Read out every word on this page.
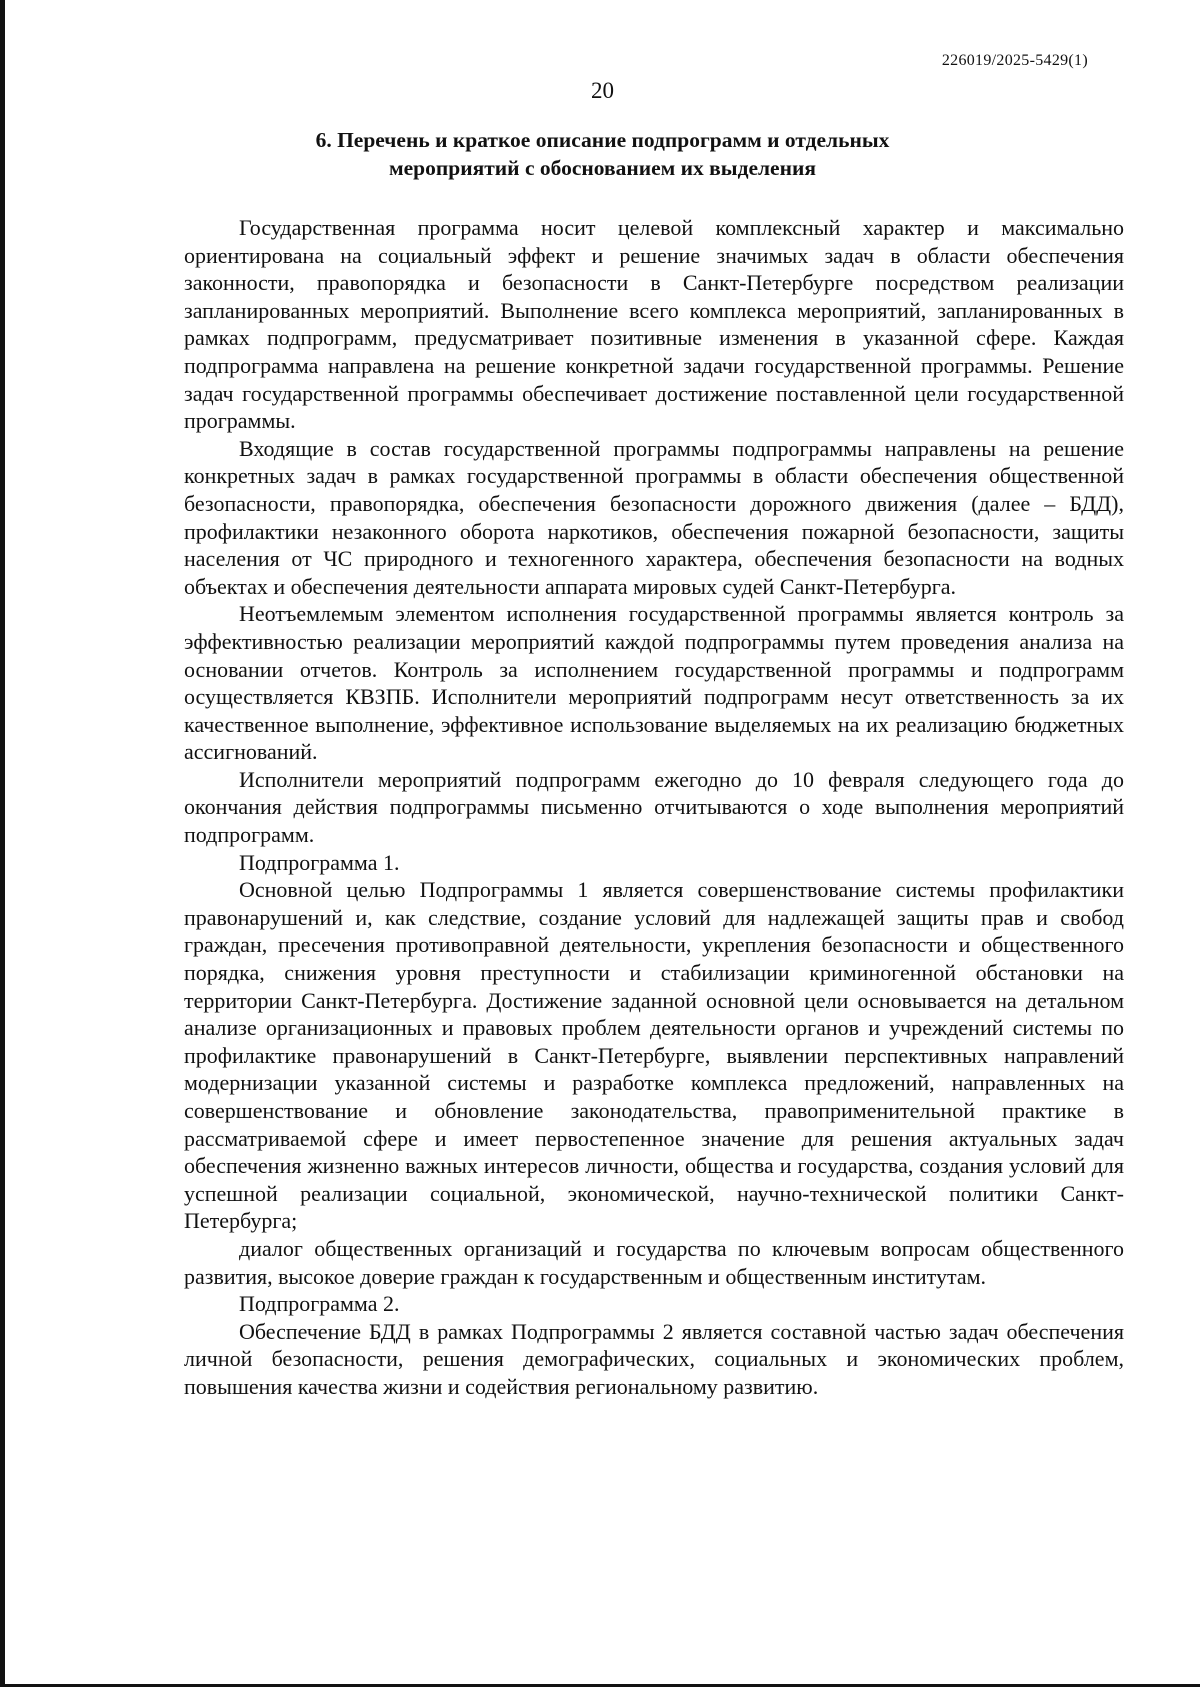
226019/2025-5429(1)
20
6. Перечень и краткое описание подпрограмм и отдельных
мероприятий с обоснованием их выделения

Государственная программа носит целевой комплексный характер и максимально ориентирована на социальный эффект и решение значимых задач в области обеспечения законности, правопорядка и безопасности в Санкт-Петербурге посредством реализации запланированных мероприятий. Выполнение всего комплекса мероприятий, запланированных в рамках подпрограмм, предусматривает позитивные изменения в указанной сфере. Каждая подпрограмма направлена на решение конкретной задачи государственной программы. Решение задач государственной программы обеспечивает достижение поставленной цели государственной программы.

Входящие в состав государственной программы подпрограммы направлены на решение конкретных задач в рамках государственной программы в области обеспечения общественной безопасности, правопорядка, обеспечения безопасности дорожного движения (далее – БДД), профилактики незаконного оборота наркотиков, обеспечения пожарной безопасности, защиты населения от ЧС природного и техногенного характера, обеспечения безопасности на водных объектах и обеспечения деятельности аппарата мировых судей Санкт-Петербурга.

Неотъемлемым элементом исполнения государственной программы является контроль за эффективностью реализации мероприятий каждой подпрограммы путем проведения анализа на основании отчетов. Контроль за исполнением государственной программы и подпрограмм осуществляется КВЗПБ. Исполнители мероприятий подпрограмм несут ответственность за их качественное выполнение, эффективное использование выделяемых на их реализацию бюджетных ассигнований.

Исполнители мероприятий подпрограмм ежегодно до 10 февраля следующего года до окончания действия подпрограммы письменно отчитываются о ходе выполнения мероприятий подпрограмм.

Подпрограмма 1.

Основной целью Подпрограммы 1 является совершенствование системы профилактики правонарушений и, как следствие, создание условий для надлежащей защиты прав и свобод граждан, пресечения противоправной деятельности, укрепления безопасности и общественного порядка, снижения уровня преступности и стабилизации криминогенной обстановки на территории Санкт-Петербурга. Достижение заданной основной цели основывается на детальном анализе организационных и правовых проблем деятельности органов и учреждений системы по профилактике правонарушений в Санкт-Петербурге, выявлении перспективных направлений модернизации указанной системы и разработке комплекса предложений, направленных на совершенствование и обновление законодательства, правоприменительной практике в рассматриваемой сфере и имеет первостепенное значение для решения актуальных задач обеспечения жизненно важных интересов личности, общества и государства, создания условий для успешной реализации социальной, экономической, научно-технической политики Санкт-Петербурга;

диалог общественных организаций и государства по ключевым вопросам общественного развития, высокое доверие граждан к государственным и общественным институтам.

Подпрограмма 2.

Обеспечение БДД в рамках Подпрограммы 2 является составной частью задач обеспечения личной безопасности, решения демографических, социальных и экономических проблем, повышения качества жизни и содействия региональному развитию.
